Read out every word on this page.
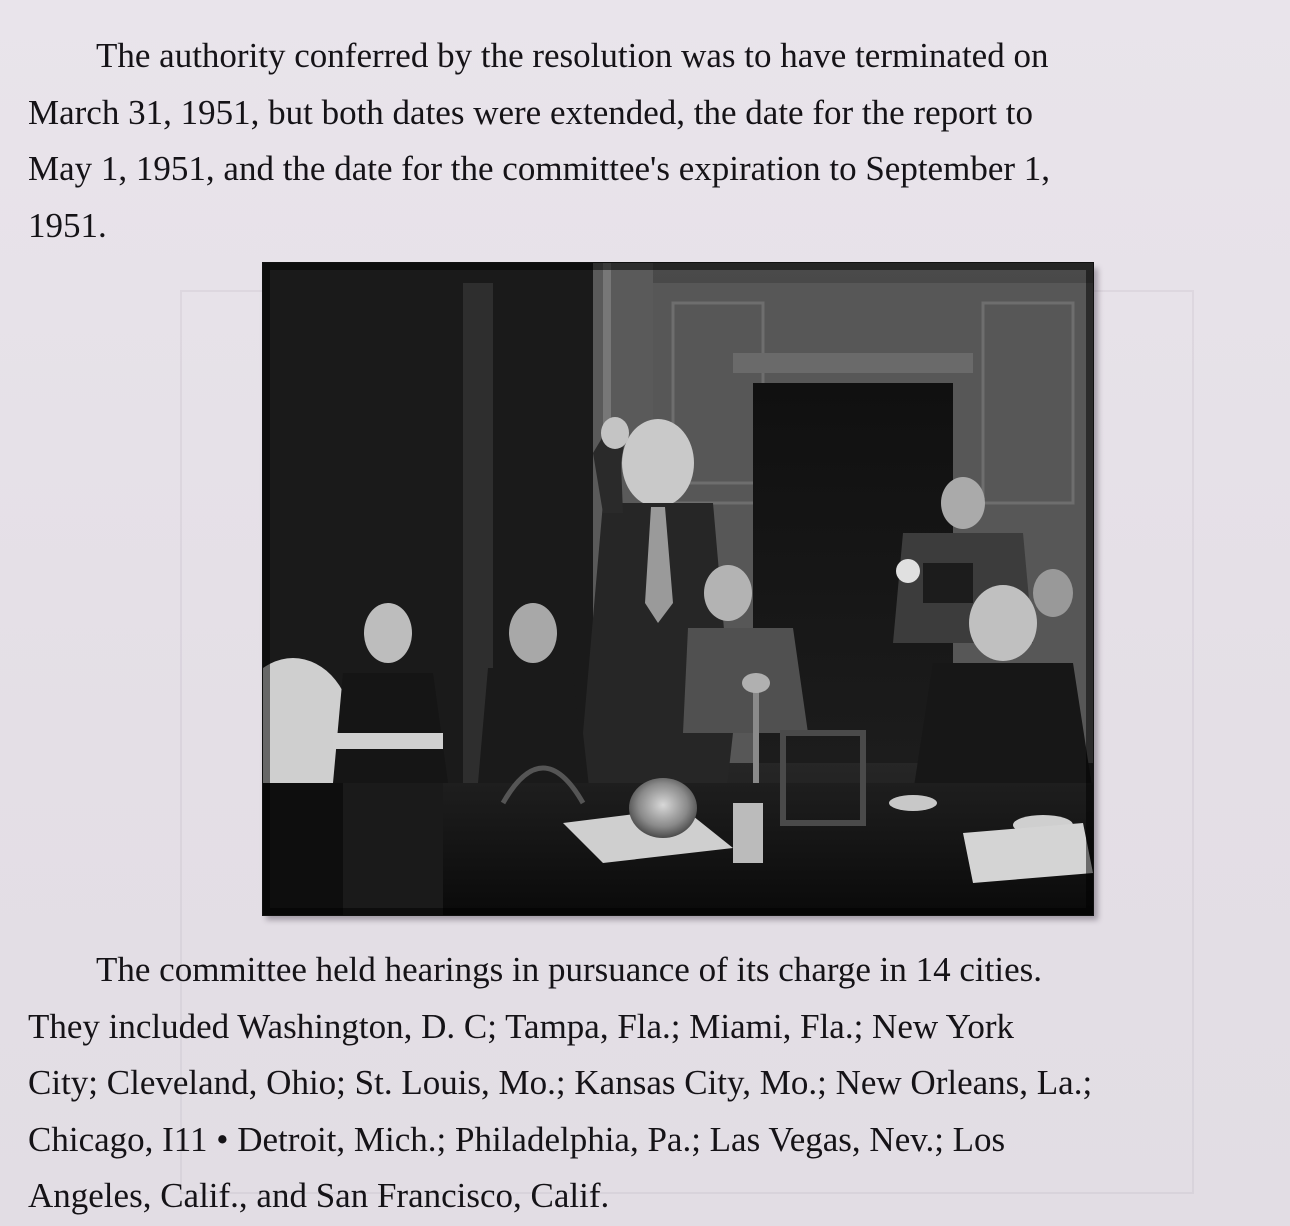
The authority conferred by the resolution was to have terminated on
March 31, 1951, but both dates were extended, the date for the report to
May 1, 1951, and the date for the committee's expiration to September 1,
1951.

The committee held hearings in pursuance of its charge in 14 cities.
They included Washington, D. C; Tampa, Fla.; Miami, Fla.; New York
City; Cleveland, Ohio; St. Louis, Mo.; Kansas City, Mo.; New Orleans, La.;
Chicago, I11 • Detroit, Mich.; Philadelphia, Pa.; Las Vegas, Nev.; Los
Angeles, Calif., and San Francisco, Calif.
